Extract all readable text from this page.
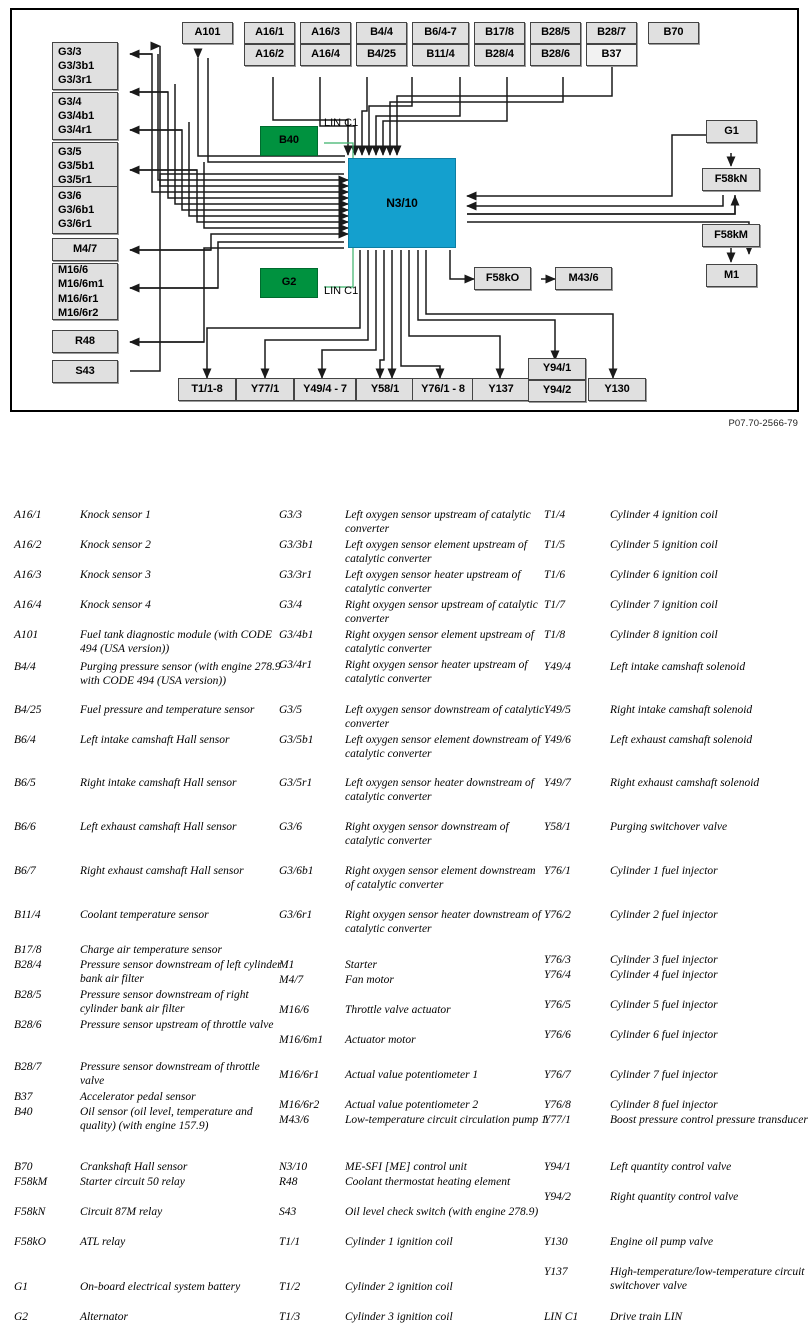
A101	A16/1
A16/2
A16/3
A16/4
B4/4
B4/25
B6/4-7
B11/4
B17/8
B28/4
B28/5
B28/6
B28/7
B37
B70
G3/3
G3/3b1
G3/3r1
G3/4
G3/4b1
G3/4r1
G3/5
G3/5b1
G3/5r1
G3/6
G3/6b1
G3/6r1
M4/7
M16/6
M16/6m1
M16/6r1
M16/6r2
R48
S43
B40
LIN C1
G2
LIN C1
N3/10
G1
F58kN
F58kM
M1
F58kO	M43/6
T1/1-8	Y77/1	Y49/4 - 7	Y58/1	Y76/1 - 8	Y137
Y94/1
Y94/2	Y130
P07.70-2566-79
A16/1	Knock sensor 1
A16/2	Knock sensor 2
A16/3	Knock sensor 3
A16/4	Knock sensor 4
A101	Fuel tank diagnostic module (with CODE 494 (USA version))
B4/4	Purging pressure sensor (with engine 278.9 with CODE 494 (USA version))
B4/25	Fuel pressure and temperature sensor
B6/4	Left intake camshaft Hall sensor
B6/5	Right intake camshaft Hall sensor
B6/6	Left exhaust camshaft Hall sensor
B6/7	Right exhaust camshaft Hall sensor
B11/4	Coolant temperature sensor
B17/8	Charge air temperature sensor
B28/4	Pressure sensor downstream of left cylinder bank air filter
B28/5	Pressure sensor downstream of right cylinder bank air filter
B28/6	Pressure sensor upstream of throttle valve
B28/7	Pressure sensor downstream of throttle valve
B37	Accelerator pedal sensor
B40	Oil sensor (oil level, temperature and quality) (with engine 157.9)
B70	Crankshaft Hall sensor
F58kM	Starter circuit 50 relay
F58kN	Circuit 87M relay
F58kO	ATL relay
G1	On-board electrical system battery
G2	Alternator
G3/3	Left oxygen sensor upstream of catalytic converter
G3/3b1	Left oxygen sensor element upstream of catalytic converter
G3/3r1	Left oxygen sensor heater upstream of catalytic converter
G3/4	Right oxygen sensor upstream of catalytic converter
G3/4b1	Right oxygen sensor element upstream of catalytic converter
G3/4r1	Right oxygen sensor heater upstream of catalytic converter
G3/5	Left oxygen sensor downstream of catalytic converter
G3/5b1	Left oxygen sensor element downstream of catalytic converter
G3/5r1	Left oxygen sensor heater downstream of catalytic converter
G3/6	Right oxygen sensor downstream of catalytic converter
G3/6b1	Right oxygen sensor element downstream of catalytic converter
G3/6r1	Right oxygen sensor heater downstream of catalytic converter
M1	Starter
M4/7	Fan motor
M16/6	Throttle valve actuator
M16/6m1	Actuator motor
M16/6r1	Actual value potentiometer 1
M16/6r2	Actual value potentiometer 2
M43/6	Low-temperature circuit circulation pump 1
N3/10	ME-SFI [ME] control unit
R48	Coolant thermostat heating element
S43	Oil level check switch (with engine 278.9)
T1/1	Cylinder 1 ignition coil
T1/2	Cylinder 2 ignition coil
T1/3	Cylinder 3 ignition coil
T1/4	Cylinder 4 ignition coil
T1/5	Cylinder 5 ignition coil
T1/6	Cylinder 6 ignition coil
T1/7	Cylinder 7 ignition coil
T1/8	Cylinder 8 ignition coil
Y49/4	Left intake camshaft solenoid
Y49/5	Right intake camshaft solenoid
Y49/6	Left exhaust camshaft solenoid
Y49/7	Right exhaust camshaft solenoid
Y58/1	Purging switchover valve
Y76/1	Cylinder 1 fuel injector
Y76/2	Cylinder 2 fuel injector
Y76/3	Cylinder 3 fuel injector
Y76/4	Cylinder 4 fuel injector
Y76/5	Cylinder 5 fuel injector
Y76/6	Cylinder 6 fuel injector
Y76/7	Cylinder 7 fuel injector
Y76/8	Cylinder 8 fuel injector
Y77/1	Boost pressure control pressure transducer
Y94/1	Left quantity control valve
Y94/2	Right quantity control valve
Y130	Engine oil pump valve
Y137	High-temperature/low-temperature circuit switchover valve
LIN C1	Drive train LIN
